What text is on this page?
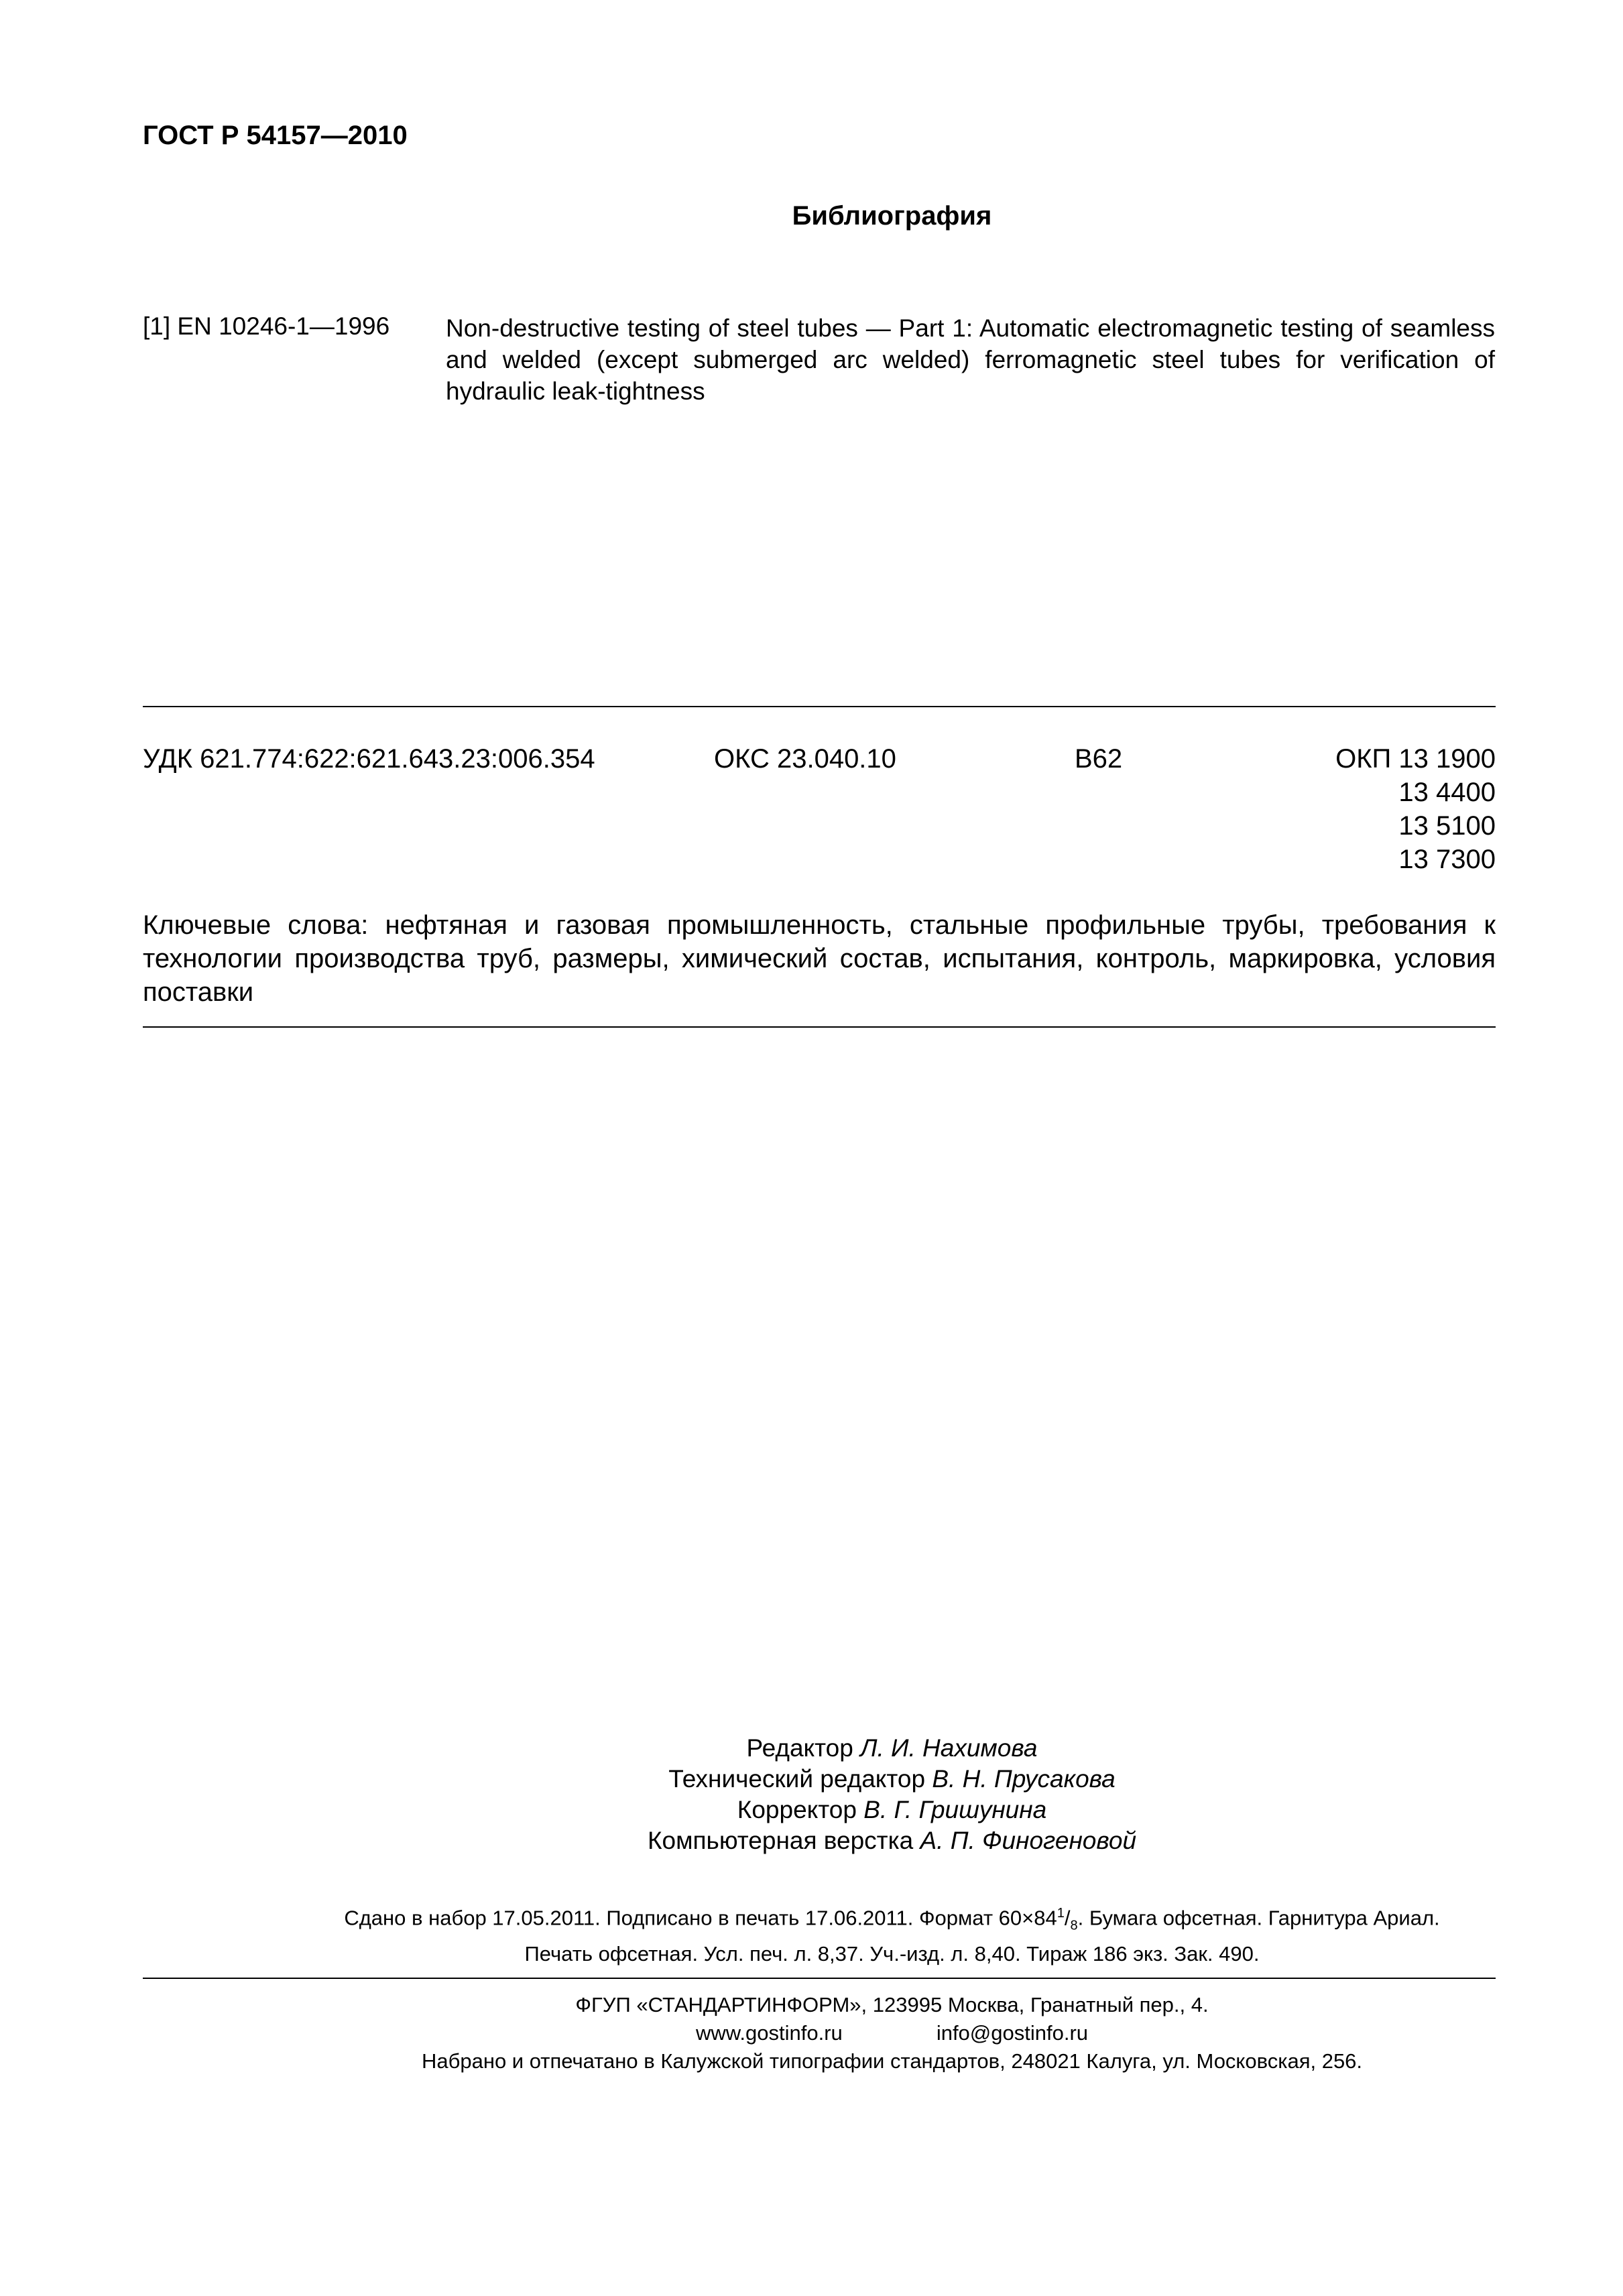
ГОСТ Р 54157—2010
Библиография
[1] EN 10246-1—1996 Non-destructive testing of steel tubes — Part 1: Automatic electromagnetic testing of seamless and welded (except submerged arc welded) ferromagnetic steel tubes for verification of hydraulic leak-tightness
УДК 621.774:622:621.643.23:006.354	ОКС 23.040.10	В62	ОКП 13 1900
13 4400
13 5100
13 7300
Ключевые слова: нефтяная и газовая промышленность, стальные профильные трубы, требования к технологии производства труб, размеры, химический состав, испытания, контроль, маркировка, условия поставки
Редактор Л. И. Нахимова
Технический редактор В. Н. Прусакова
Корректор В. Г. Гришунина
Компьютерная верстка А. П. Финогеновой
Сдано в набор 17.05.2011. Подписано в печать 17.06.2011. Формат $60\times 84^1/_8$. Бумага офсетная. Гарнитура Ариал.
Печать офсетная. Усл. печ. л. 8,37. Уч.-изд. л. 8,40. Тираж 186 экз. Зак. 490.
ФГУП «СТАНДАРТИНФОРМ», 123995 Москва, Гранатный пер., 4.
www.gostinfo.ru	info@gostinfo.ru
Набрано и отпечатано в Калужской типографии стандартов, 248021 Калуга, ул. Московская, 256.
